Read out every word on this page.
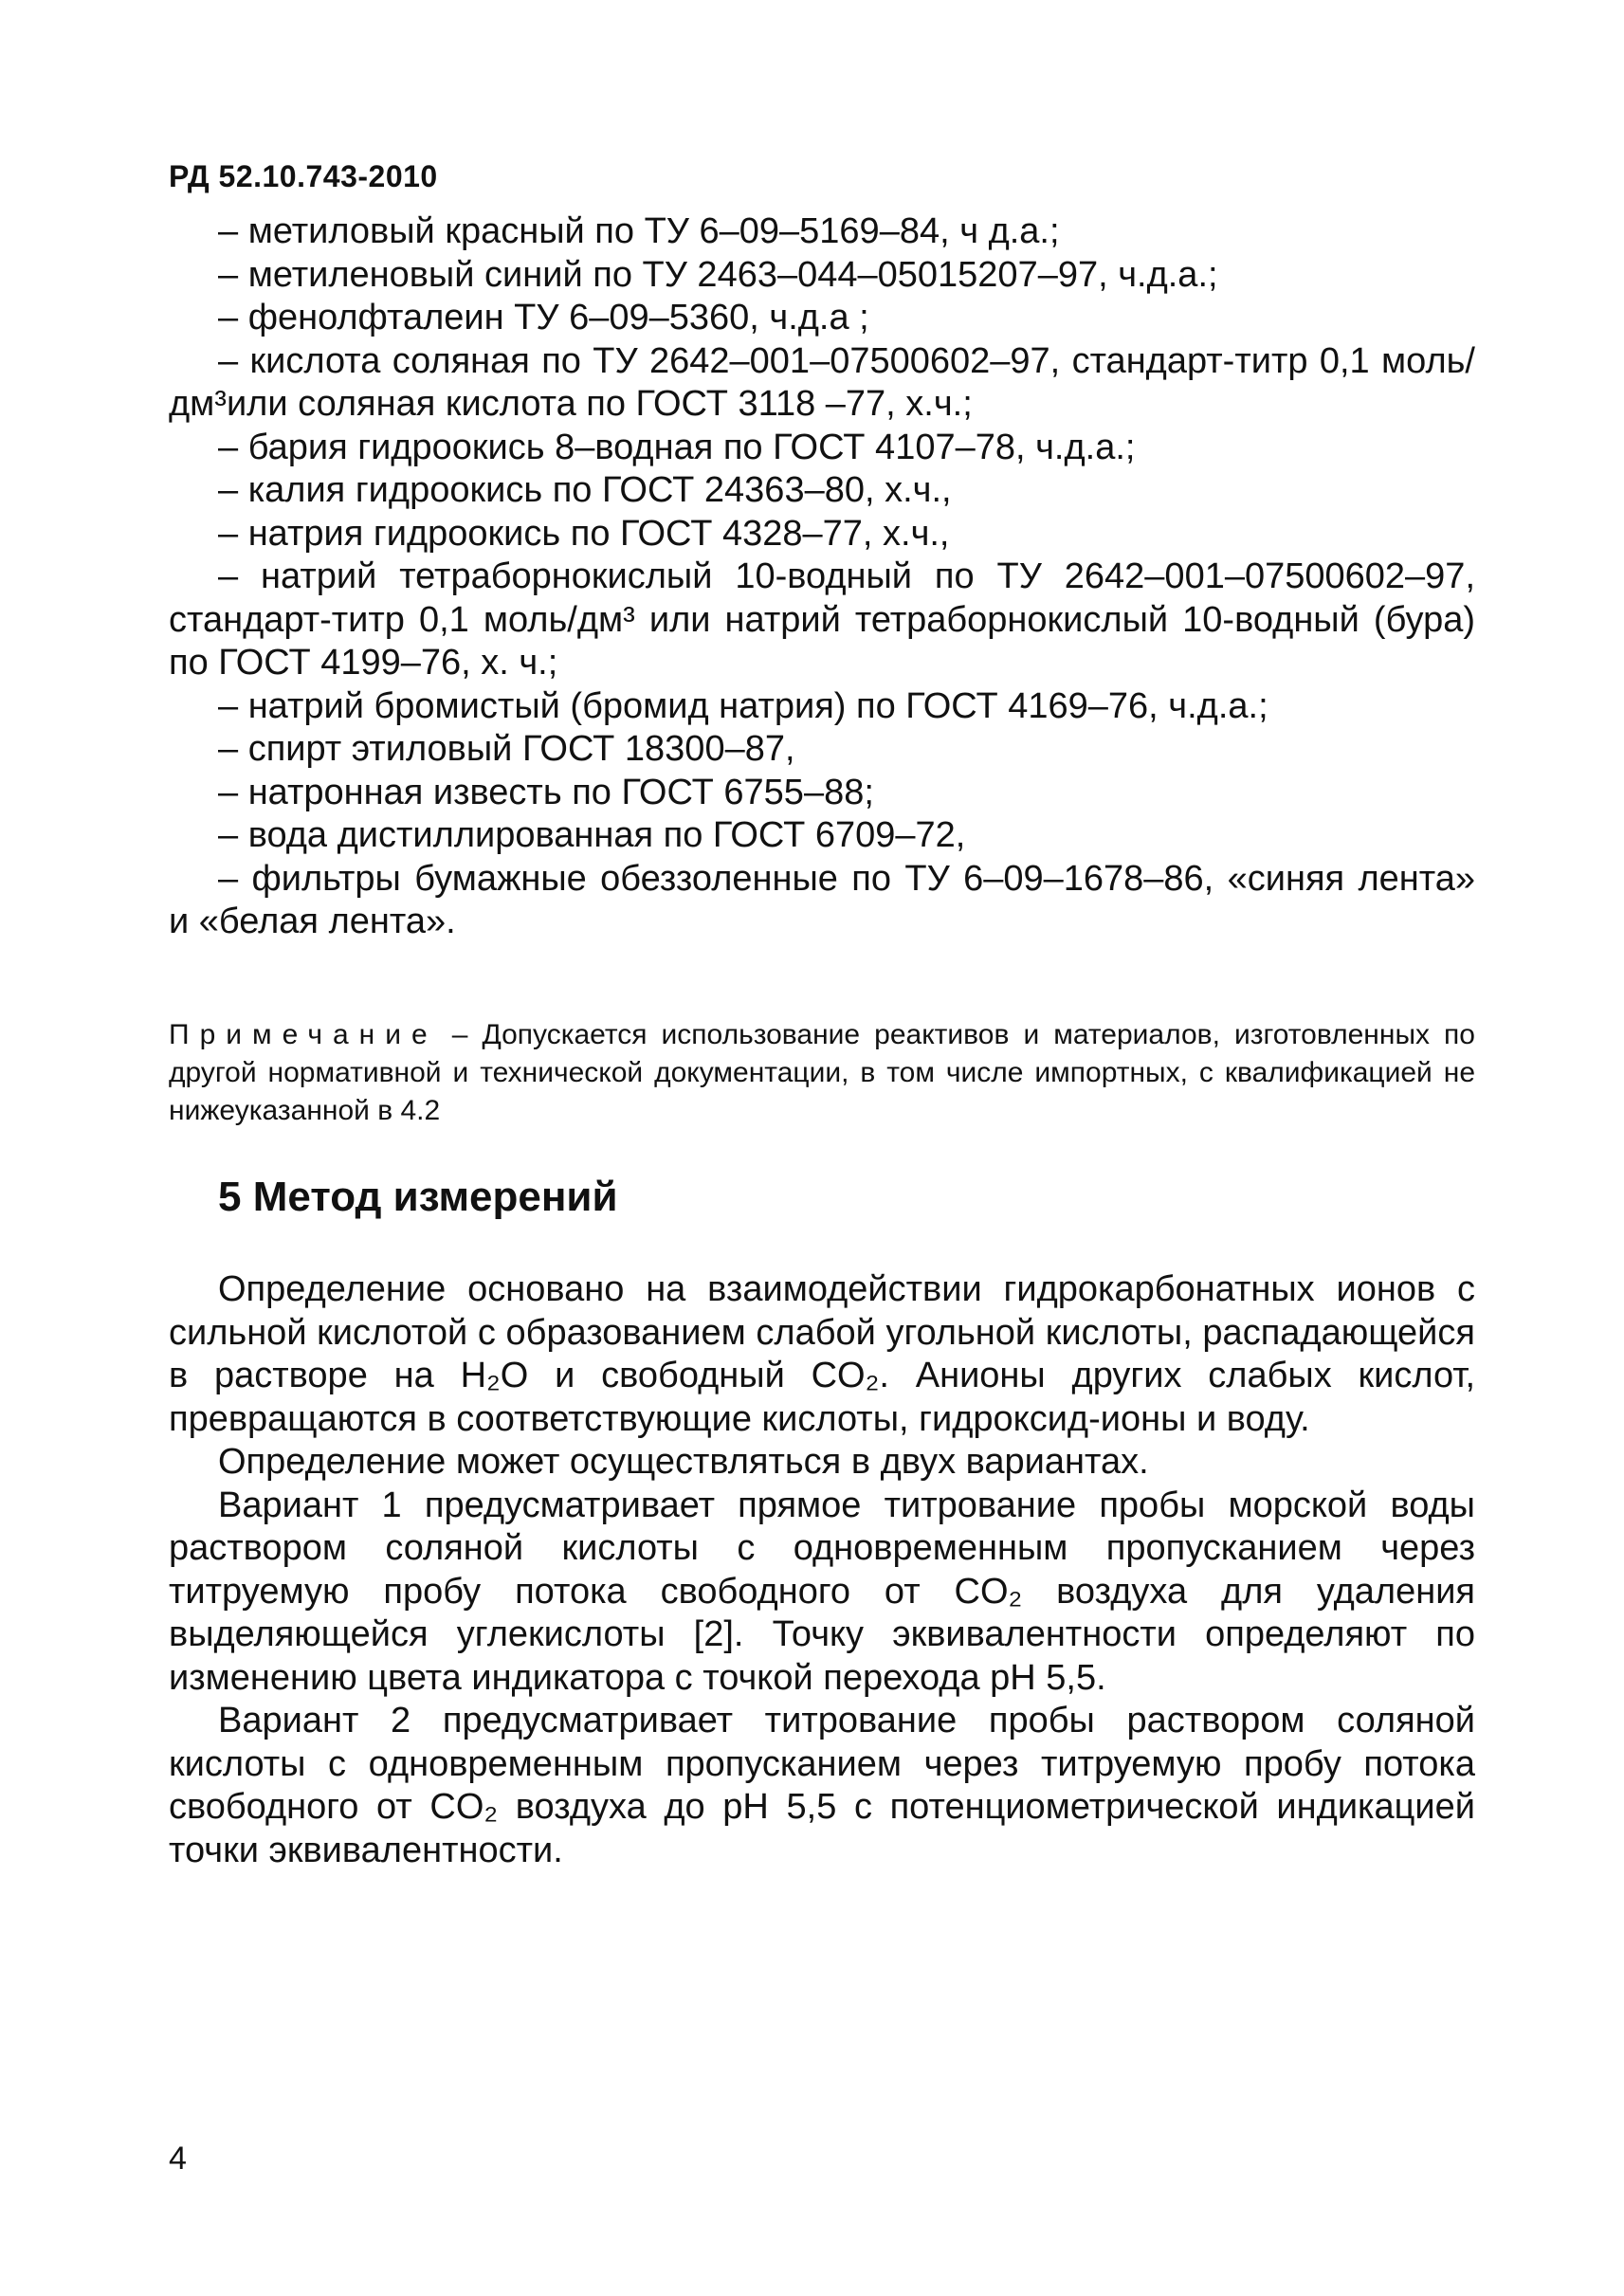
РД 52.10.743-2010
– метиловый красный по ТУ 6–09–5169–84, ч д.а.;
– метиленовый синий по ТУ 2463–044–05015207–97, ч.д.а.;
– фенолфталеин ТУ 6–09–5360, ч.д.а ;
– кислота соляная по ТУ 2642–001–07500602–97, стандарт-титр 0,1 моль/дм³или соляная кислота по ГОСТ 3118 –77, х.ч.;
– бария гидроокись 8–водная по ГОСТ 4107–78, ч.д.а.;
– калия гидроокись по ГОСТ 24363–80, х.ч.,
– натрия гидроокись по ГОСТ 4328–77, х.ч.,
– натрий тетраборнокислый 10-водный по ТУ 2642–001–07500602–97, стандарт-титр 0,1 моль/дм³ или натрий тетраборнокислый 10-водный (бура) по ГОСТ 4199–76, х. ч.;
– натрий бромистый (бромид натрия) по ГОСТ 4169–76, ч.д.а.;
– спирт этиловый ГОСТ 18300–87,
– натронная известь по ГОСТ 6755–88;
– вода дистиллированная по ГОСТ 6709–72,
– фильтры бумажные обеззоленные по ТУ 6–09–1678–86, «синяя лента» и «белая лента».
Примечание – Допускается использование реактивов и материалов, изготовленных по другой нормативной и технической документации, в том числе импортных, с квалификацией не нижеуказанной в 4.2
5 Метод измерений

Определение основано на взаимодействии гидрокарбонатных ионов с сильной кислотой с образованием слабой угольной кислоты, распадающейся в растворе на H₂O и свободный CO₂. Анионы других слабых кислот, превращаются в соответствующие кислоты, гидроксид-ионы и воду.

Определение может осуществляться в двух вариантах.

Вариант 1 предусматривает прямое титрование пробы морской воды раствором соляной кислоты с одновременным пропусканием через титруемую пробу потока свободного от CO₂ воздуха для удаления выделяющейся углекислоты [2]. Точку эквивалентности определяют по изменению цвета индикатора с точкой перехода pH 5,5.

Вариант 2 предусматривает титрование пробы раствором соляной кислоты с одновременным пропусканием через титруемую пробу потока свободного от CO₂ воздуха до pH 5,5 с потенциометрической индикацией точки эквивалентности.

4
